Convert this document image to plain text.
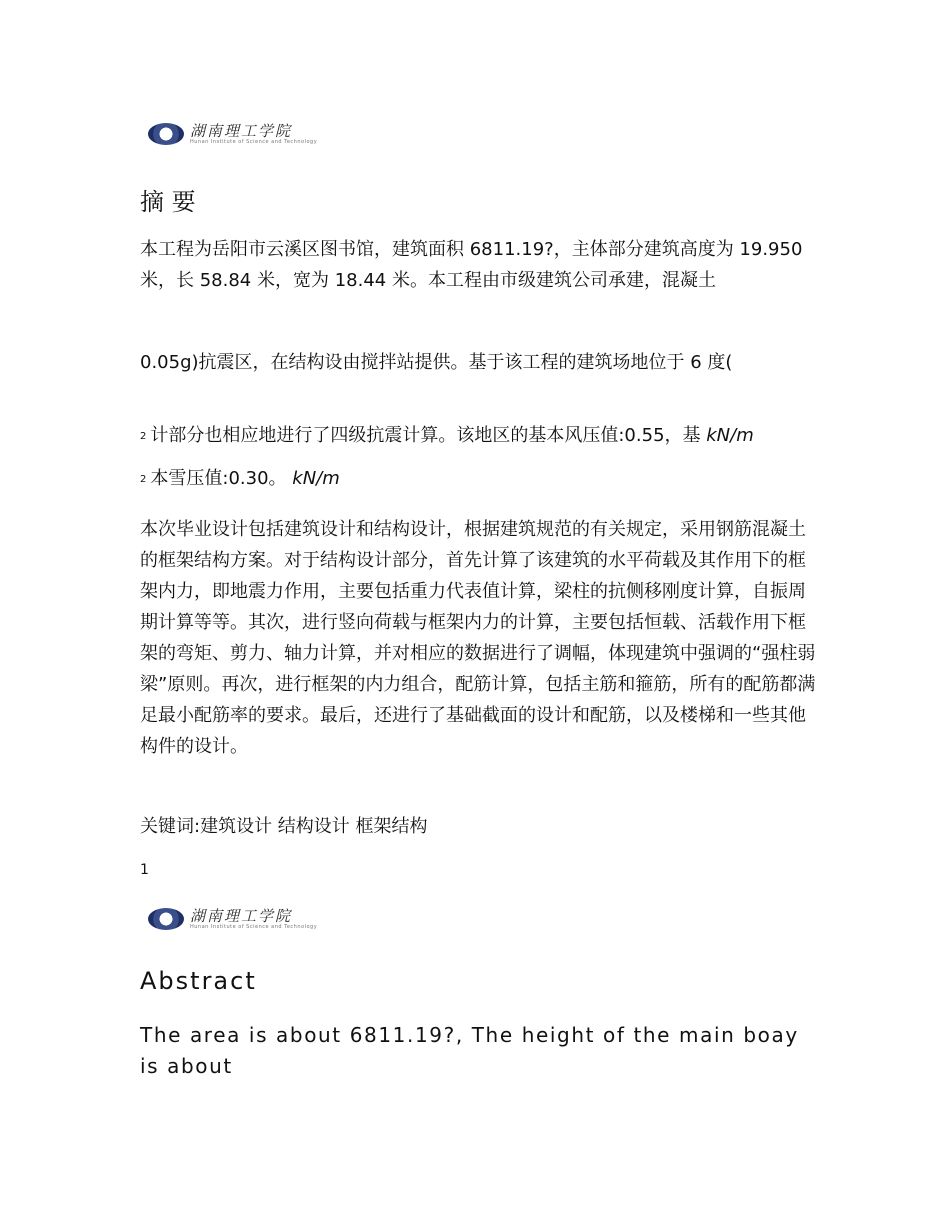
HN	湖南理工学院
Hunan Institute of Science and Technology
摘 要

本工程为岳阳市云溪区图书馆，建筑面积 6811.19?，主体部分建筑高度为 19.950 米，长 58.84 米，宽为 18.44 米。本工程由市级建筑公司承建，混凝土

0.05g)抗震区，在结构设由搅拌站提供。基于该工程的建筑场地位于 6 度(

$^2$ 计部分也相应地进行了四级抗震计算。该地区的基本风压值:0.55，基 kN/m

$^2$ 本雪压值:0.30。 kN/m

本次毕业设计包括建筑设计和结构设计，根据建筑规范的有关规定，采用钢筋混凝土的框架结构方案。对于结构设计部分，首先计算了该建筑的水平荷载及其作用下的框架内力，即地震力作用，主要包括重力代表值计算，梁柱的抗侧移刚度计算，自振周期计算等等。其次，进行竖向荷载与框架内力的计算，主要包括恒载、活载作用下框架的弯矩、剪力、轴力计算，并对相应的数据进行了调幅，体现建筑中强调的“强柱弱梁”原则。再次，进行框架的内力组合，配筋计算，包括主筋和箍筋，所有的配筋都满足最小配筋率的要求。最后，还进行了基础截面的设计和配筋，以及楼梯和一些其他构件的设计。

关键词:建筑设计 结构设计 框架结构

1
HN	湖南理工学院
Hunan Institute of Science and Technology
Abstract

The area is about 6811.19?, The height of the main boay is about
